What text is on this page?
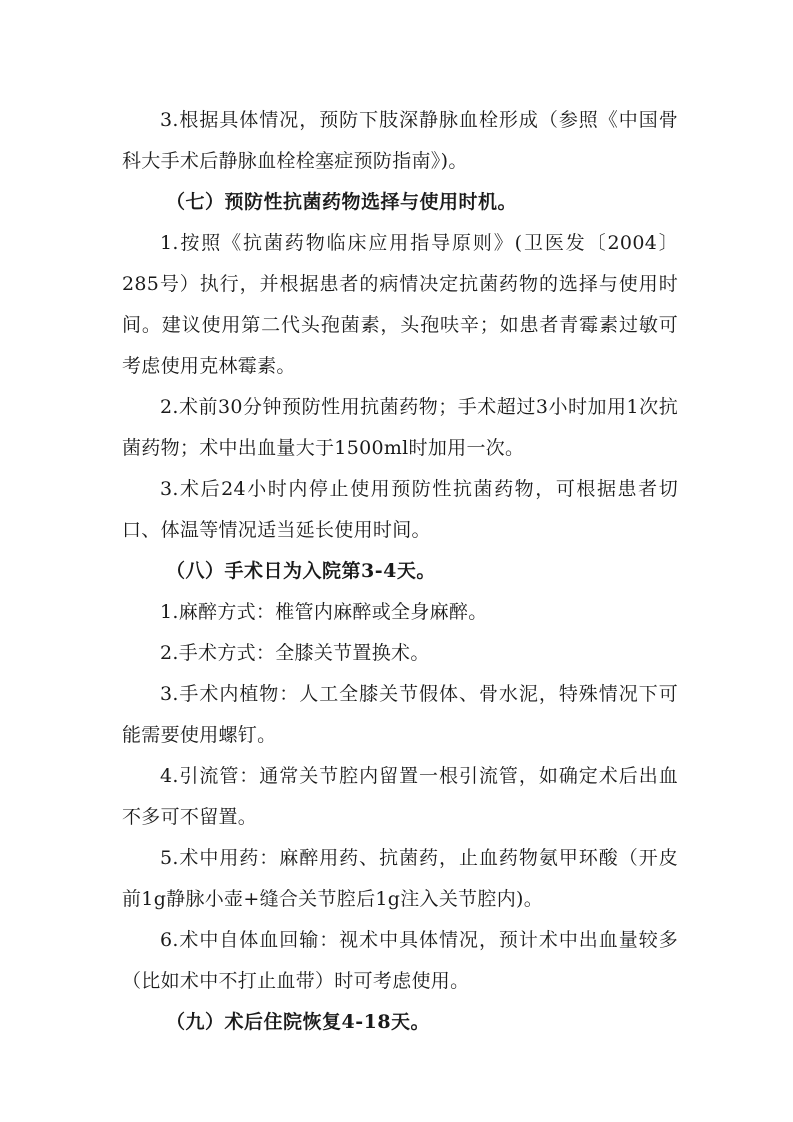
3.根据具体情况，预防下肢深静脉血栓形成（参照《中国骨科大手术后静脉血栓栓塞症预防指南》)。

（七）预防性抗菌药物选择与使用时机。

1.按照《抗菌药物临床应用指导原则》(卫医发〔2004〕285号）执行，并根据患者的病情决定抗菌药物的选择与使用时间。建议使用第二代头孢菌素，头孢呋辛；如患者青霉素过敏可考虑使用克林霉素。

2.术前30分钟预防性用抗菌药物；手术超过3小时加用1次抗菌药物；术中出血量大于1500ml时加用一次。

3.术后24小时内停止使用预防性抗菌药物，可根据患者切口、体温等情况适当延长使用时间。

（八）手术日为入院第3-4天。

1.麻醉方式：椎管内麻醉或全身麻醉。

2.手术方式：全膝关节置换术。

3.手术内植物：人工全膝关节假体、骨水泥，特殊情况下可能需要使用螺钉。

4.引流管：通常关节腔内留置一根引流管，如确定术后出血不多可不留置。

5.术中用药：麻醉用药、抗菌药，止血药物氨甲环酸（开皮前1g静脉小壶+缝合关节腔后1g注入关节腔内)。

6.术中自体血回输：视术中具体情况，预计术中出血量较多（比如术中不打止血带）时可考虑使用。

（九）术后住院恢复4-18天。
